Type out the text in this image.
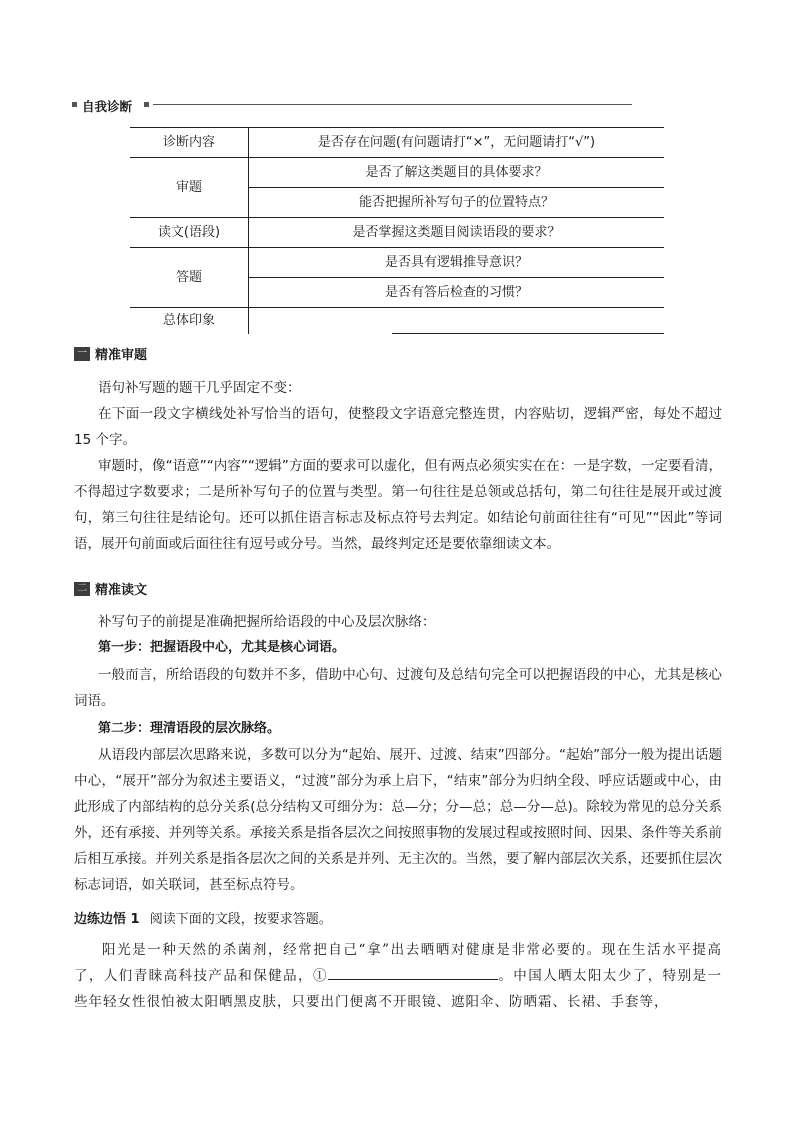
自我诊断
诊断内容	是否存在问题(有问题请打“×”，无问题请打“√”)
审题	是否了解这类题目的具体要求？
	能否把握所补写句子的位置特点？
读文(语段)	是否掌握这类题目阅读语段的要求？
答题	是否具有逻辑推导意识？
	是否有答后检查的习惯？
总体印象	
一 精准审题
语句补写题的题干几乎固定不变：
在下面一段文字横线处补写恰当的语句，使整段文字语意完整连贯，内容贴切，逻辑严密，每处不超过 15 个字。
审题时，像“语意”“内容”“逻辑”方面的要求可以虚化，但有两点必须实实在在：一是字数，一定要看清，不得超过字数要求；二是所补写句子的位置与类型。第一句往往是总领或总括句，第二句往往是展开或过渡句，第三句往往是结论句。还可以抓住语言标志及标点符号去判定。如结论句前面往往有“可见”“因此”等词语，展开句前面或后面往往有逗号或分号。当然，最终判定还是要依靠细读文本。
二 精准读文
补写句子的前提是准确把握所给语段的中心及层次脉络：
第一步：把握语段中心，尤其是核心词语。
一般而言，所给语段的句数并不多，借助中心句、过渡句及总结句完全可以把握语段的中心，尤其是核心词语。
第二步：理清语段的层次脉络。
从语段内部层次思路来说，多数可以分为“起始、展开、过渡、结束”四部分。“起始”部分一般为提出话题中心，“展开”部分为叙述主要语义，“过渡”部分为承上启下，“结束”部分为归纳全段、呼应话题或中心，由此形成了内部结构的总分关系(总分结构又可细分为：总—分；分—总；总—分—总)。除较为常见的总分关系外，还有承接、并列等关系。承接关系是指各层次之间按照事物的发展过程或按照时间、因果、条件等关系前后相互承接。并列关系是指各层次之间的关系是并列、无主次的。当然，要了解内部层次关系，还要抓住层次标志词语，如关联词，甚至标点符号。
边练边悟 1 阅读下面的文段，按要求答题。
阳光是一种天然的杀菌剂，经常把自己“拿”出去晒晒对健康是非常必要的。现在生活水平提高了，人们青睐高科技产品和保健品，①	。中国人晒太阳太少了，特别是一些年轻女性很怕被太阳晒黑皮肤，只要出门便离不开眼镜、遮阳伞、防晒霜、长裙、手套等，
